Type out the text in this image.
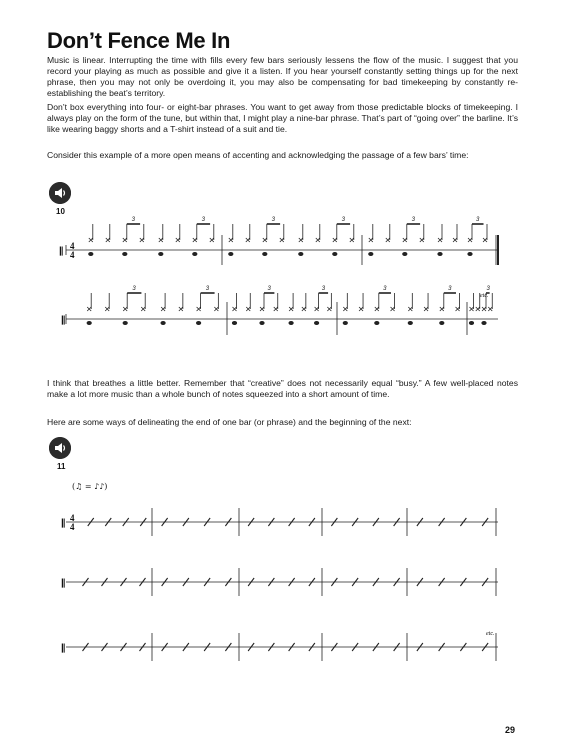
Don’t Fence Me In

Music is linear. Interrupting the time with fills every few bars seriously lessens the flow of the music. I suggest that you record your playing as much as possible and give it a listen. If you hear yourself constantly setting things up for the next phrase, then you may not only be overdoing it, you may also be compensating for bad timekeeping by constantly re-establishing the beat’s territory.

Don’t box everything into four- or eight-bar phrases. You want to get away from those predictable blocks of timekeeping. I always play on the form of the tune, but within that, I might play a nine-bar phrase. That’s part of “going over” the barline. It’s like wearing baggy shorts and a T-shirt instead of a suit and tie.

Consider this example of a more open means of accenting and acknowledging the passage of a few bars’ time:

10
𝄃 4
4
3	3	3	3	3	3
𝄃
etc.
3	3	3	3	3	3	3

I think that breathes a little better. Remember that “creative” does not necessarily equal “busy.” A few well-placed notes make a lot more music than a whole bunch of notes squeezed into a short amount of time.

Here are some ways of delineating the end of one bar (or phrase) and the beginning of the next:

11
(♫ = ♪♪)
𝄃 4
4
𝄃
𝄃
etc.
29
